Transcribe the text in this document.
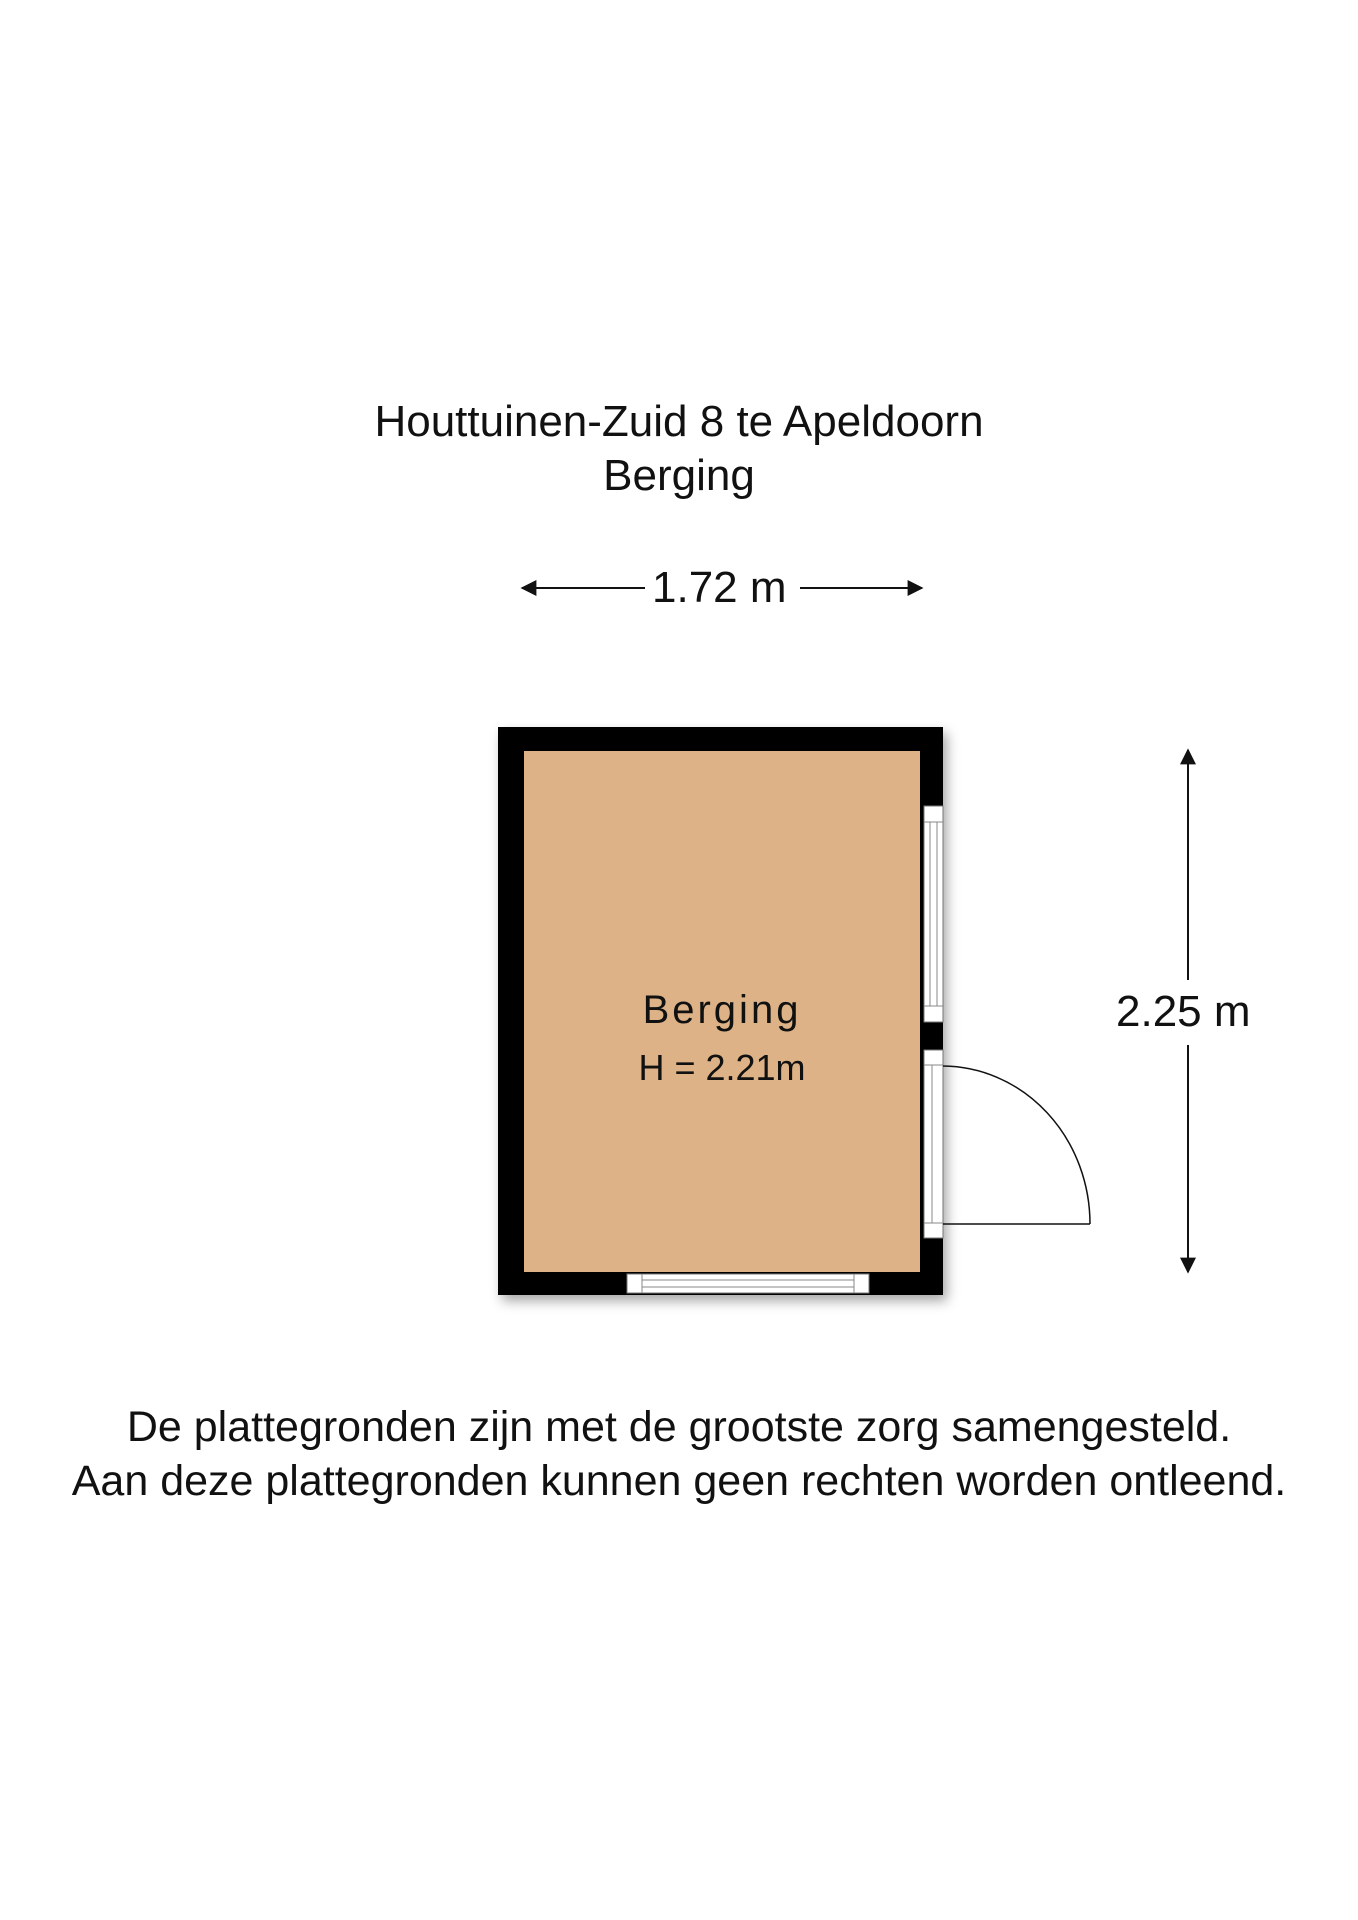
Houttuinen-Zuid 8 te Apeldoorn
Berging
1.72 m
2.25 m
Berging
H = 2.21m
De plattegronden zijn met de grootste zorg samengesteld.
Aan deze plattegronden kunnen geen rechten worden ontleend.
